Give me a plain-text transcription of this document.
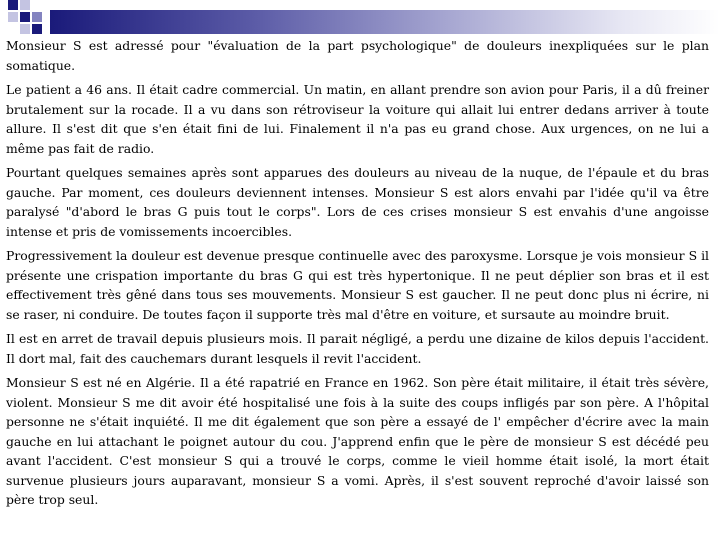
Monsieur S est adressé pour "évaluation de la part psychologique" de douleurs inexpliquées sur le plan somatique.

Le patient a 46 ans. Il était cadre commercial. Un matin, en allant prendre son avion pour Paris, il a dû freiner brutalement sur la rocade. Il a vu dans son rétroviseur la voiture qui allait lui entrer dedans arriver à toute allure. Il s'est dit que s'en était fini de lui. Finalement il n'a pas eu grand chose. Aux urgences, on ne lui a même pas fait de radio.

Pourtant quelques semaines après sont apparues des douleurs au niveau de la nuque, de l'épaule et du bras gauche. Par moment, ces douleurs deviennent intenses. Monsieur S est alors envahi par l'idée qu'il va être paralysé "d'abord le bras G puis tout le corps". Lors de ces crises monsieur S est envahis d'une angoisse intense et pris de vomissements incoercibles.

Progressivement la douleur est devenue presque continuelle avec des paroxysme. Lorsque je vois monsieur S il présente une crispation importante du bras G qui est très hypertonique. Il ne peut déplier son bras et il est effectivement très gêné dans tous ses mouvements. Monsieur S est gaucher. Il ne peut donc plus ni écrire, ni se raser, ni conduire. De toutes façon il supporte très mal d'être en voiture, et sursaute au moindre bruit.

Il est en arret de travail depuis plusieurs mois. Il parait négligé, a perdu une dizaine de kilos depuis l'accident. Il dort mal, fait des cauchemars durant lesquels il revit l'accident.

Monsieur S est né en Algérie. Il a été rapatrié en France en 1962. Son père était militaire, il était très sévère, violent. Monsieur S me dit avoir été hospitalisé une fois à la suite des coups infligés par son père. A l'hôpital personne ne s'était inquiété. Il me dit également que son père a essayé de l' empêcher d'écrire avec la main gauche en lui attachant le poignet autour du cou. J'apprend enfin que le père de monsieur S est décédé peu avant l'accident. C'est monsieur S qui a trouvé le corps, comme le vieil homme était isolé, la mort était survenue plusieurs jours auparavant, monsieur S a vomi. Après, il s'est souvent reproché d'avoir laissé son père trop seul.
